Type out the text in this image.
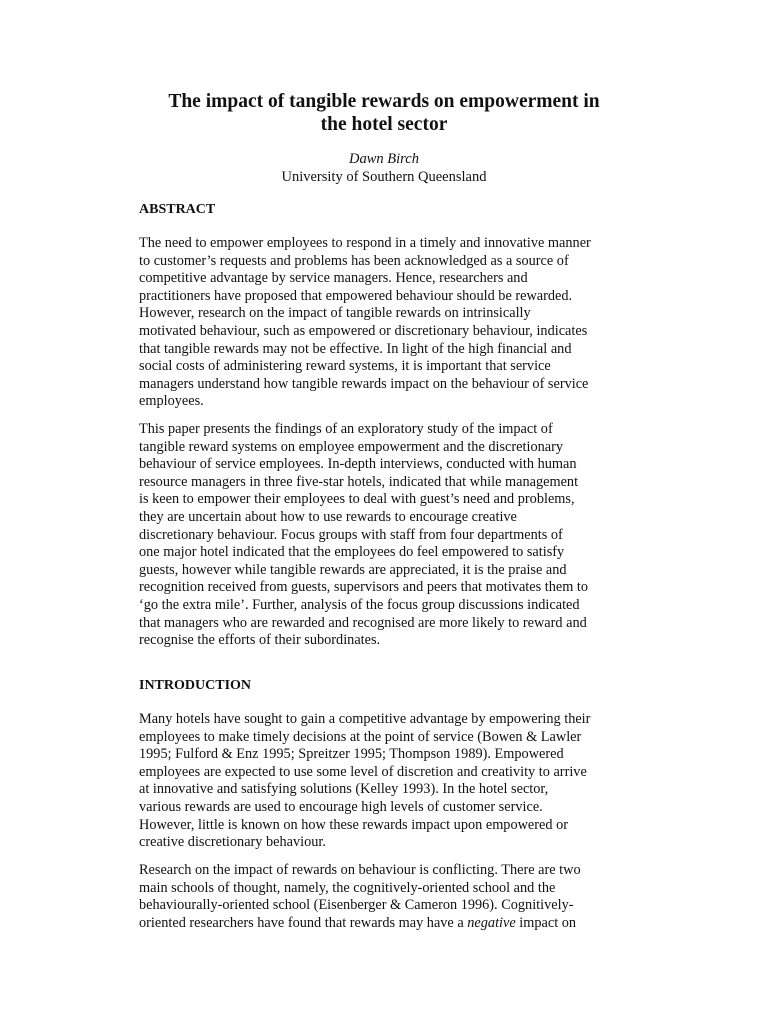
The impact of tangible rewards on empowerment in
the hotel sector

Dawn Birch

University of Southern Queensland

ABSTRACT
The need to empower employees to respond in a timely and innovative manner
to customer’s requests and problems has been acknowledged as a source of
competitive advantage by service managers. Hence, researchers and
practitioners have proposed that empowered behaviour should be rewarded.
However, research on the impact of tangible rewards on intrinsically
motivated behaviour, such as empowered or discretionary behaviour, indicates
that tangible rewards may not be effective. In light of the high financial and
social costs of administering reward systems, it is important that service
managers understand how tangible rewards impact on the behaviour of service
employees.
This paper presents the findings of an exploratory study of the impact of
tangible reward systems on employee empowerment and the discretionary
behaviour of service employees. In-depth interviews, conducted with human
resource managers in three five-star hotels, indicated that while management
is keen to empower their employees to deal with guest’s need and problems,
they are uncertain about how to use rewards to encourage creative
discretionary behaviour. Focus groups with staff from four departments of
one major hotel indicated that the employees do feel empowered to satisfy
guests, however while tangible rewards are appreciated, it is the praise and
recognition received from guests, supervisors and peers that motivates them to
‘go the extra mile’. Further, analysis of the focus group discussions indicated
that managers who are rewarded and recognised are more likely to reward and
recognise the efforts of their subordinates.
INTRODUCTION
Many hotels have sought to gain a competitive advantage by empowering their
employees to make timely decisions at the point of service (Bowen & Lawler
1995; Fulford & Enz 1995; Spreitzer 1995; Thompson 1989). Empowered
employees are expected to use some level of discretion and creativity to arrive
at innovative and satisfying solutions (Kelley 1993). In the hotel sector,
various rewards are used to encourage high levels of customer service.
However, little is known on how these rewards impact upon empowered or
creative discretionary behaviour.
Research on the impact of rewards on behaviour is conflicting. There are two
main schools of thought, namely, the cognitively-oriented school and the
behaviourally-oriented school (Eisenberger & Cameron 1996). Cognitively-
oriented researchers have found that rewards may have a negative impact on
